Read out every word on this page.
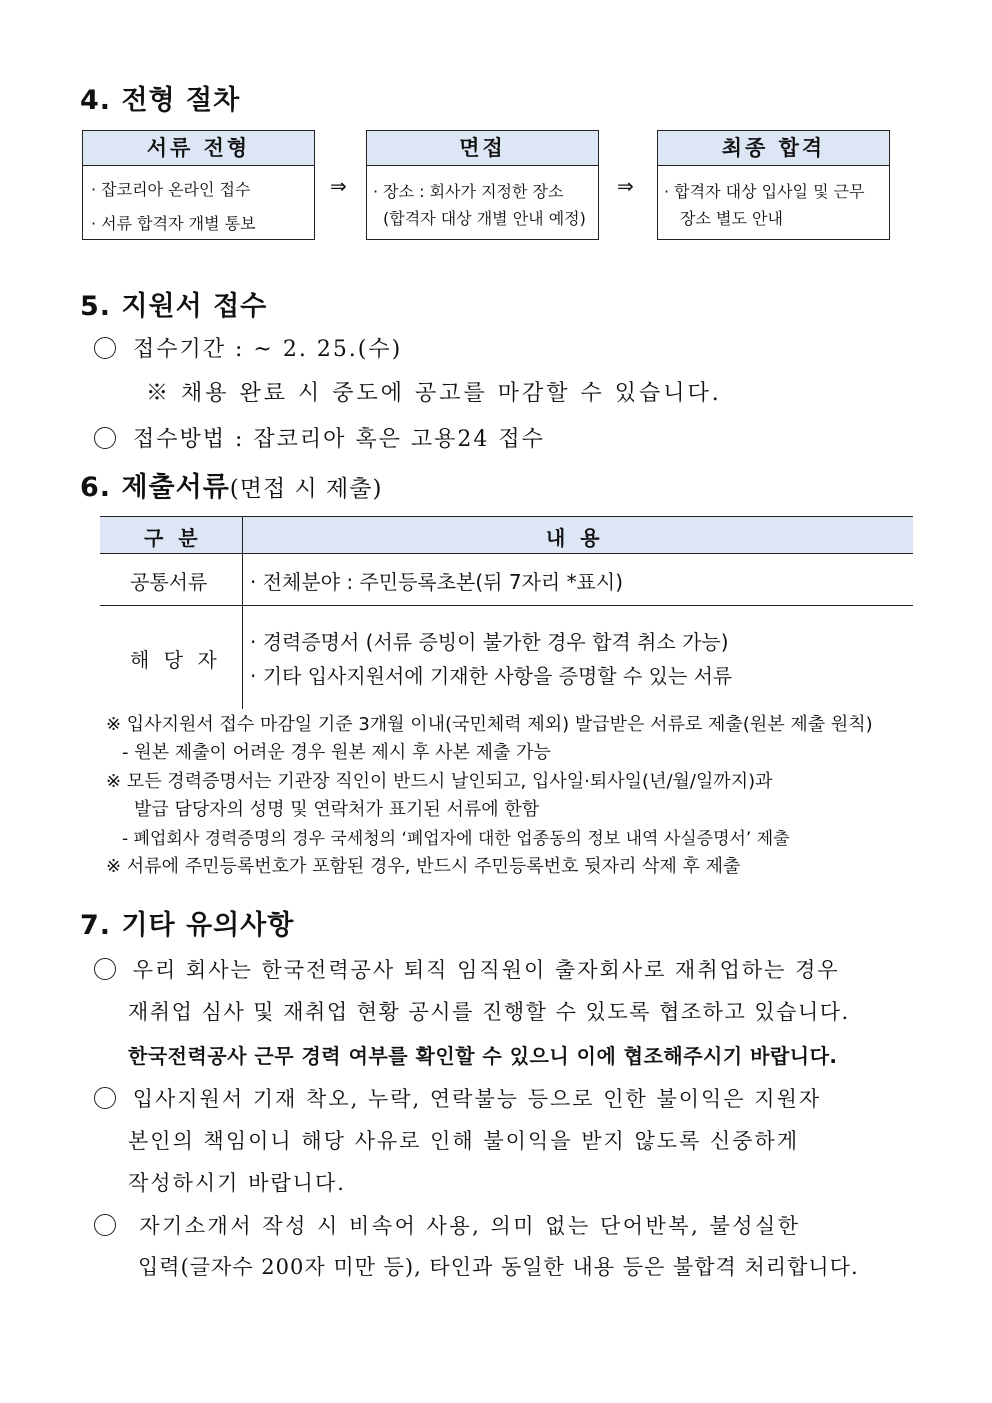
4. 전형 절차
서류 전형
· 잡코리아 온라인 접수
· 서류 합격자 개별 통보
⇒
면접
· 장소 : 회사가 지정한 장소
(합격자 대상 개별 안내 예정)
⇒
최종 합격
· 합격자 대상 입사일 및 근무
장소 별도 안내
5. 지원서 접수
접수기간 : ~ 2. 25.(수)
※ 채용 완료 시 중도에 공고를 마감할 수 있습니다.
접수방법 : 잡코리아 혹은 고용24 접수
6. 제출서류(면접 시 제출)
구 분	내 용
공통서류 · 전체분야 : 주민등록초본(뒤 7자리 *표시)
해 당 자
· 경력증명서 (서류 증빙이 불가한 경우 합격 취소 가능)
· 기타 입사지원서에 기재한 사항을 증명할 수 있는 서류
※ 입사지원서 접수 마감일 기준 3개월 이내(국민체력 제외) 발급받은 서류로 제출(원본 제출 원칙)
- 원본 제출이 어려운 경우 원본 제시 후 사본 제출 가능
※ 모든 경력증명서는 기관장 직인이 반드시 날인되고, 입사일·퇴사일(년/월/일까지)과
발급 담당자의 성명 및 연락처가 표기된 서류에 한함
- 폐업회사 경력증명의 경우 국세청의 ‘폐업자에 대한 업종동의 정보 내역 사실증명서’ 제출
※ 서류에 주민등록번호가 포함된 경우, 반드시 주민등록번호 뒷자리 삭제 후 제출
7. 기타 유의사항
우리 회사는 한국전력공사 퇴직 임직원이 출자회사로 재취업하는 경우
재취업 심사 및 재취업 현황 공시를 진행할 수 있도록 협조하고 있습니다.
한국전력공사 근무 경력 여부를 확인할 수 있으니 이에 협조해주시기 바랍니다.
입사지원서 기재 착오, 누락, 연락불능 등으로 인한 불이익은 지원자
본인의 책임이니 해당 사유로 인해 불이익을 받지 않도록 신중하게
작성하시기 바랍니다.
자기소개서 작성 시 비속어 사용, 의미 없는 단어반복, 불성실한
입력(글자수 200자 미만 등), 타인과 동일한 내용 등은 불합격 처리합니다.
